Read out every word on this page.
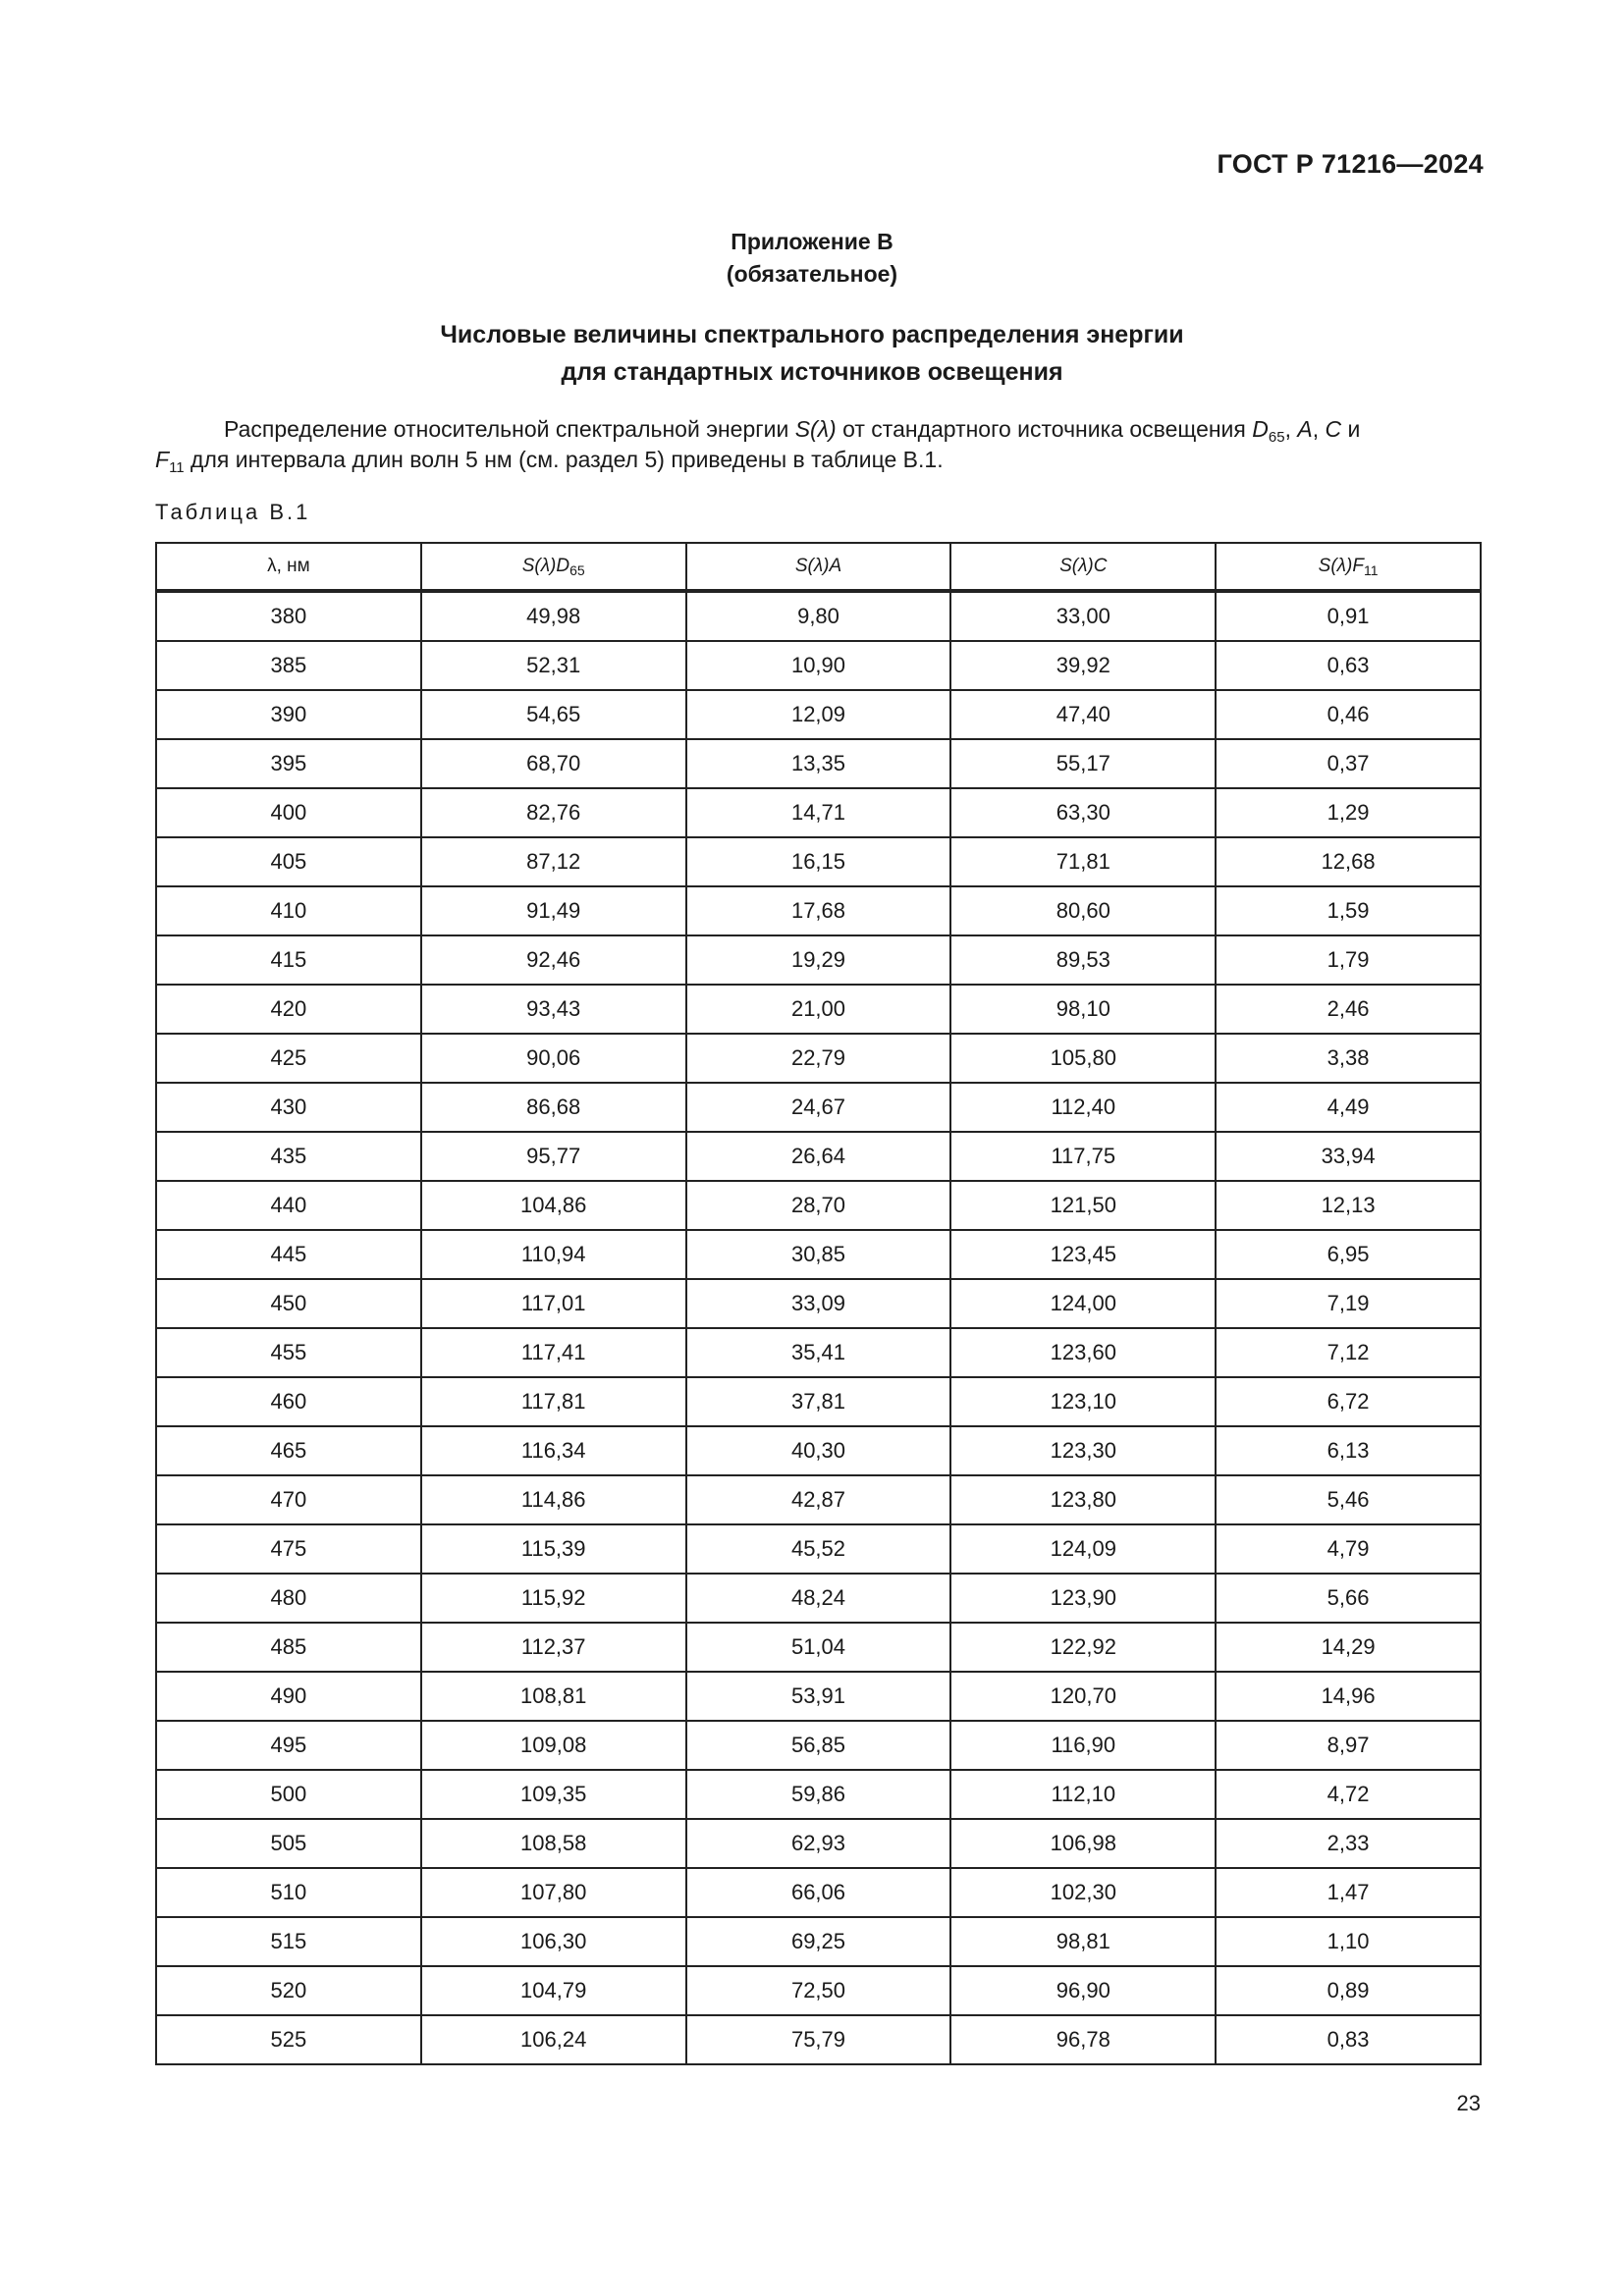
ГОСТ Р 71216—2024
Приложение В
(обязательное)
Числовые величины спектрального распределения энергии
для стандартных источников освещения
Распределение относительной спектральной энергии S(λ) от стандартного источника освещения $D_{65}$, A, C и
$F_{11}$ для интервала длин волн 5 нм (см. раздел 5) приведены в таблице В.1.
Таблица В.1
λ, нм	$S(\lambda)D_{65}$	S(λ)A	S(λ)C	$S(\lambda)F_{11}$
380	49,98	9,80	33,00	0,91
385	52,31	10,90	39,92	0,63
390	54,65	12,09	47,40	0,46
395	68,70	13,35	55,17	0,37
400	82,76	14,71	63,30	1,29
405	87,12	16,15	71,81	12,68
410	91,49	17,68	80,60	1,59
415	92,46	19,29	89,53	1,79
420	93,43	21,00	98,10	2,46
425	90,06	22,79	105,80	3,38
430	86,68	24,67	112,40	4,49
435	95,77	26,64	117,75	33,94
440	104,86	28,70	121,50	12,13
445	110,94	30,85	123,45	6,95
450	117,01	33,09	124,00	7,19
455	117,41	35,41	123,60	7,12
460	117,81	37,81	123,10	6,72
465	116,34	40,30	123,30	6,13
470	114,86	42,87	123,80	5,46
475	115,39	45,52	124,09	4,79
480	115,92	48,24	123,90	5,66
485	112,37	51,04	122,92	14,29
490	108,81	53,91	120,70	14,96
495	109,08	56,85	116,90	8,97
500	109,35	59,86	112,10	4,72
505	108,58	62,93	106,98	2,33
510	107,80	66,06	102,30	1,47
515	106,30	69,25	98,81	1,10
520	104,79	72,50	96,90	0,89
525	106,24	75,79	96,78	0,83
23
